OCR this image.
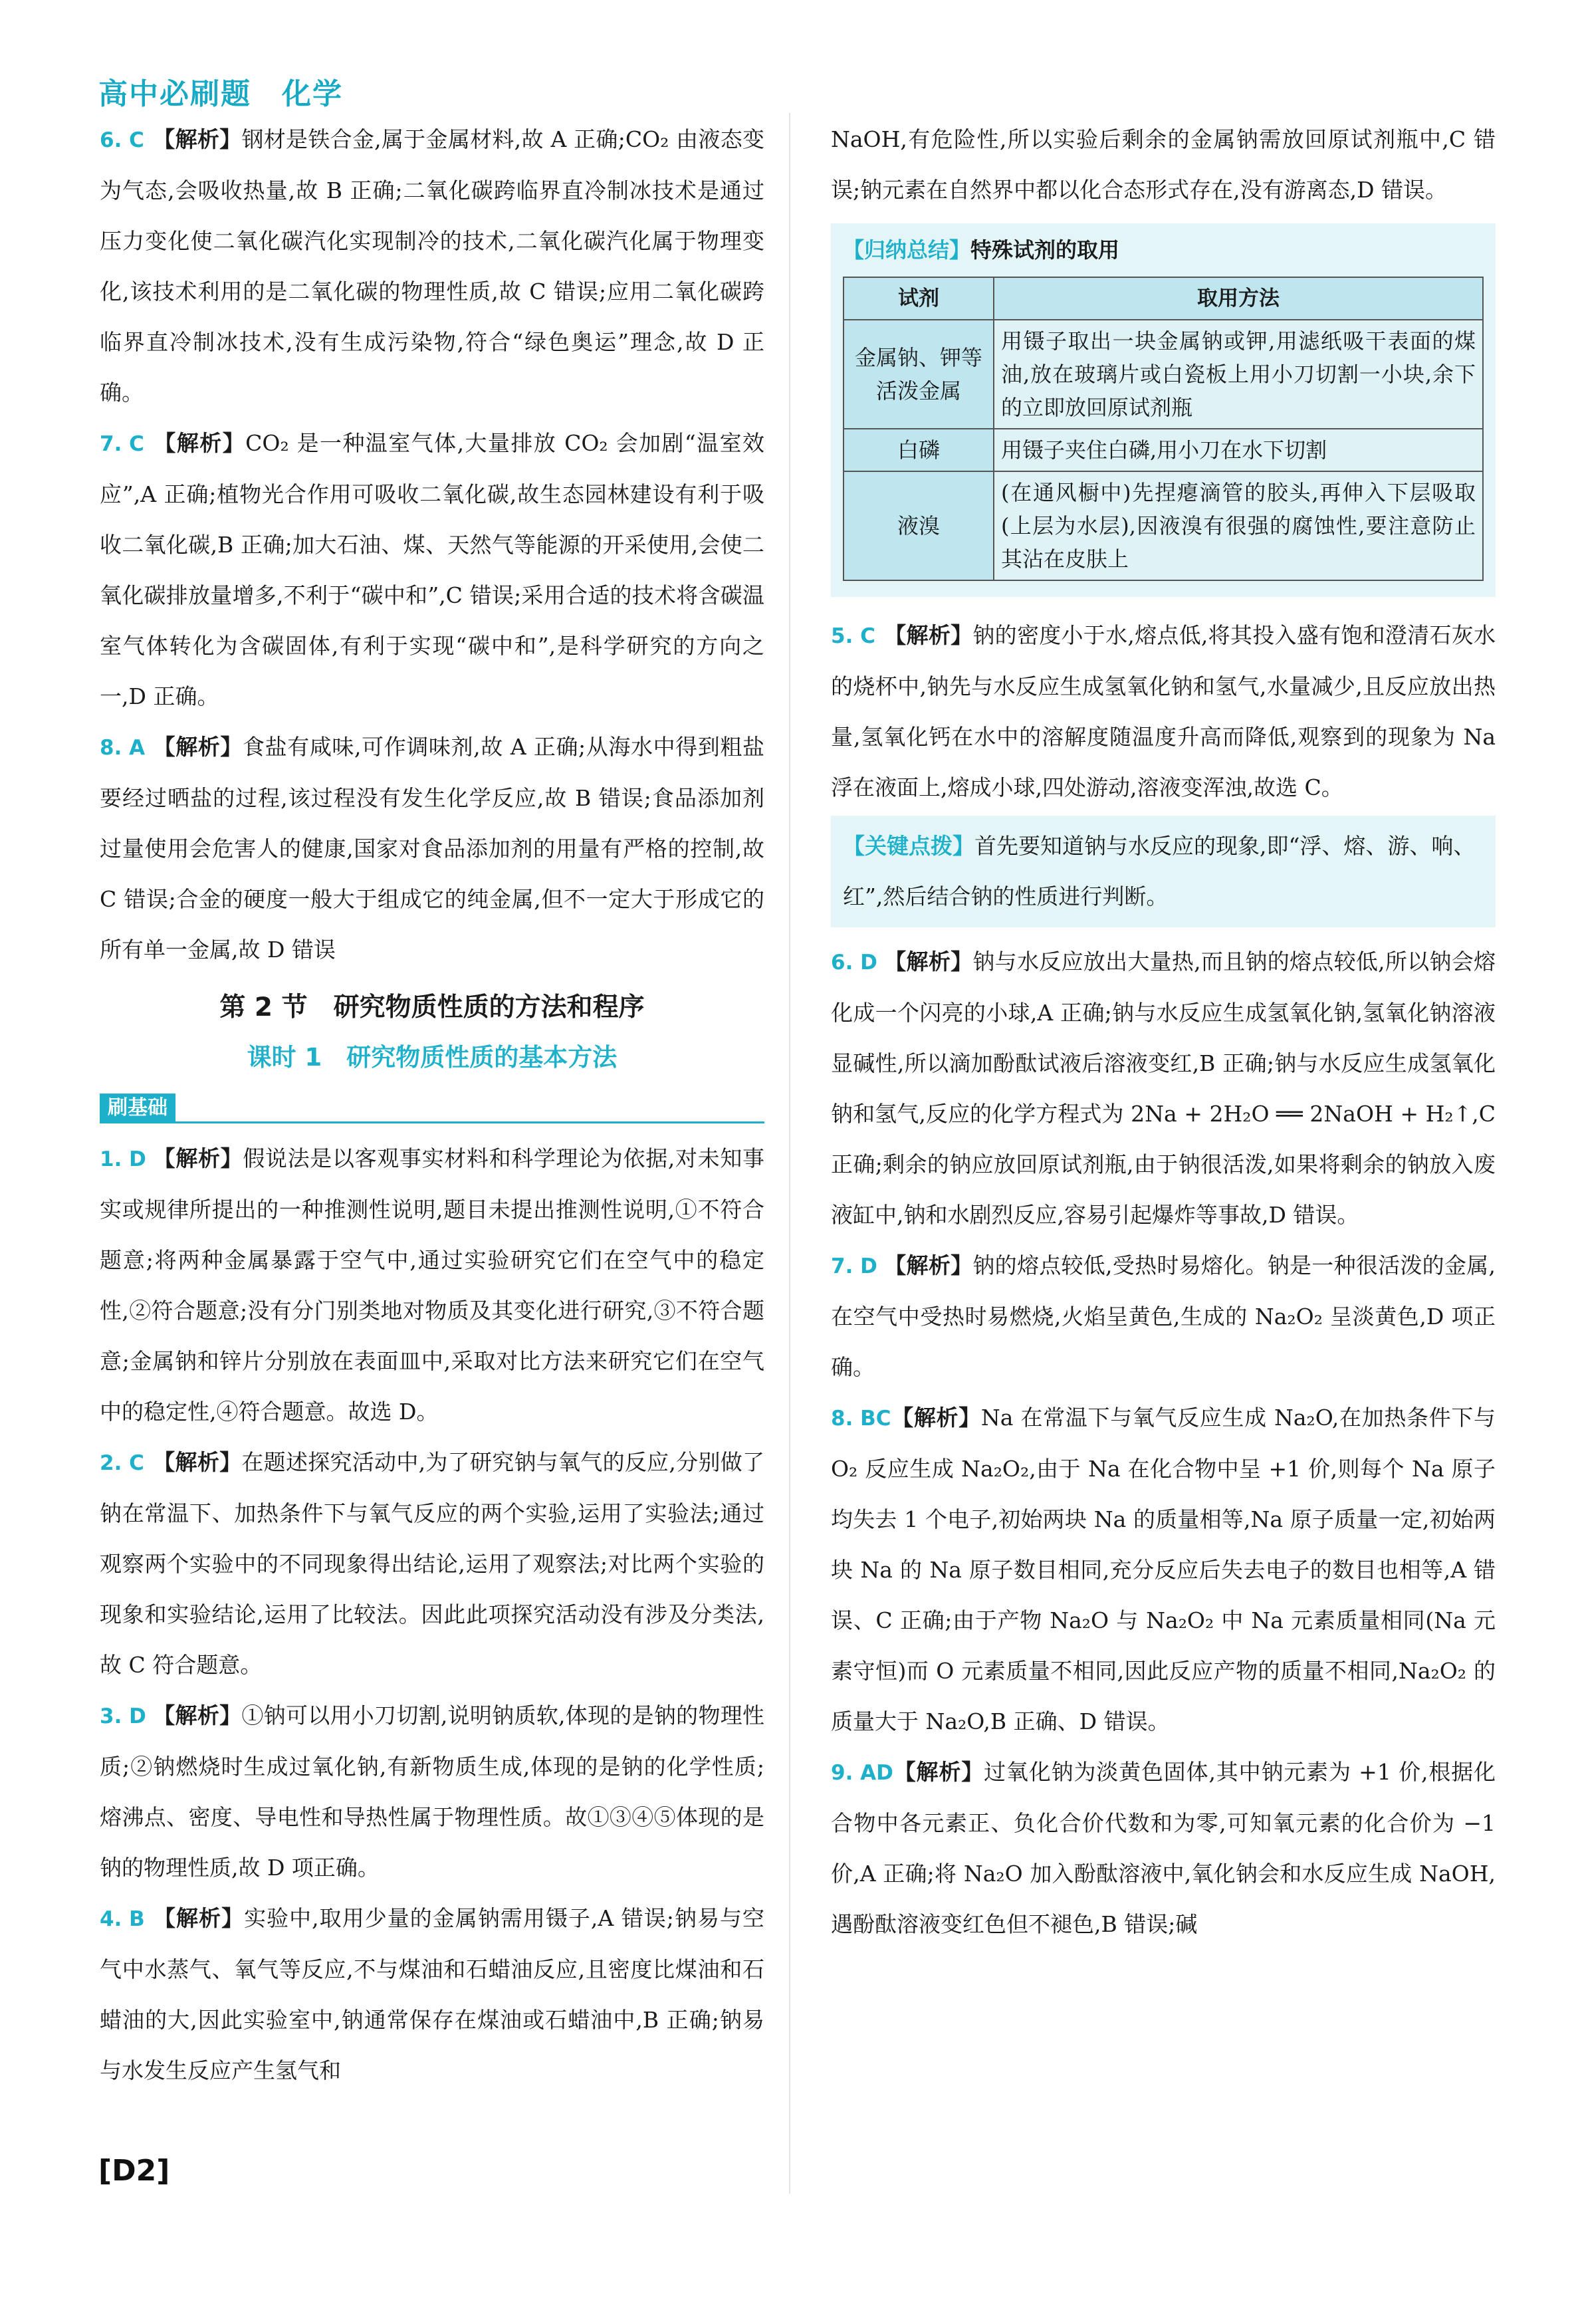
高中必刷题　化学
6. C 【解析】钢材是铁合金,属于金属材料,故 A 正确;CO₂ 由液态变为气态,会吸收热量,故 B 正确;二氧化碳跨临界直冷制冰技术是通过压力变化使二氧化碳汽化实现制冷的技术,二氧化碳汽化属于物理变化,该技术利用的是二氧化碳的物理性质,故 C 错误;应用二氧化碳跨临界直冷制冰技术,没有生成污染物,符合“绿色奥运”理念,故 D 正确。
7. C 【解析】CO₂ 是一种温室气体,大量排放 CO₂ 会加剧“温室效应”,A 正确;植物光合作用可吸收二氧化碳,故生态园林建设有利于吸收二氧化碳,B 正确;加大石油、煤、天然气等能源的开采使用,会使二氧化碳排放量增多,不利于“碳中和”,C 错误;采用合适的技术将含碳温室气体转化为含碳固体,有利于实现“碳中和”,是科学研究的方向之一,D 正确。
8. A 【解析】食盐有咸味,可作调味剂,故 A 正确;从海水中得到粗盐要经过晒盐的过程,该过程没有发生化学反应,故 B 错误;食品添加剂过量使用会危害人的健康,国家对食品添加剂的用量有严格的控制,故 C 错误;合金的硬度一般大于组成它的纯金属,但不一定大于形成它的所有单一金属,故 D 错误
第 2 节　研究物质性质的方法和程序
课时 1　研究物质性质的基本方法
刷基础
1. D 【解析】假说法是以客观事实材料和科学理论为依据,对未知事实或规律所提出的一种推测性说明,题目未提出推测性说明,①不符合题意;将两种金属暴露于空气中,通过实验研究它们在空气中的稳定性,②符合题意;没有分门别类地对物质及其变化进行研究,③不符合题意;金属钠和锌片分别放在表面皿中,采取对比方法来研究它们在空气中的稳定性,④符合题意。故选 D。
2. C 【解析】在题述探究活动中,为了研究钠与氧气的反应,分别做了钠在常温下、加热条件下与氧气反应的两个实验,运用了实验法;通过观察两个实验中的不同现象得出结论,运用了观察法;对比两个实验的现象和实验结论,运用了比较法。因此此项探究活动没有涉及分类法,故 C 符合题意。
3. D 【解析】①钠可以用小刀切割,说明钠质软,体现的是钠的物理性质;②钠燃烧时生成过氧化钠,有新物质生成,体现的是钠的化学性质;熔沸点、密度、导电性和导热性属于物理性质。故①③④⑤体现的是钠的物理性质,故 D 项正确。
4. B 【解析】实验中,取用少量的金属钠需用镊子,A 错误;钠易与空气中水蒸气、氧气等反应,不与煤油和石蜡油反应,且密度比煤油和石蜡油的大,因此实验室中,钠通常保存在煤油或石蜡油中,B 正确;钠易与水发生反应产生氢气和
NaOH,有危险性,所以实验后剩余的金属钠需放回原试剂瓶中,C 错误;钠元素在自然界中都以化合态形式存在,没有游离态,D 错误。
【归纳总结】特殊试剂的取用
试剂	取用方法
金属钠、钾等活泼金属	用镊子取出一块金属钠或钾,用滤纸吸干表面的煤油,放在玻璃片或白瓷板上用小刀切割一小块,余下的立即放回原试剂瓶
白磷	用镊子夹住白磷,用小刀在水下切割
液溴	(在通风橱中)先捏瘪滴管的胶头,再伸入下层吸取(上层为水层),因液溴有很强的腐蚀性,要注意防止其沾在皮肤上
5. C 【解析】钠的密度小于水,熔点低,将其投入盛有饱和澄清石灰水的烧杯中,钠先与水反应生成氢氧化钠和氢气,水量减少,且反应放出热量,氢氧化钙在水中的溶解度随温度升高而降低,观察到的现象为 Na 浮在液面上,熔成小球,四处游动,溶液变浑浊,故选 C。
【关键点拨】首先要知道钠与水反应的现象,即“浮、熔、游、响、红”,然后结合钠的性质进行判断。
6. D 【解析】钠与水反应放出大量热,而且钠的熔点较低,所以钠会熔化成一个闪亮的小球,A 正确;钠与水反应生成氢氧化钠,氢氧化钠溶液显碱性,所以滴加酚酞试液后溶液变红,B 正确;钠与水反应生成氢氧化钠和氢气,反应的化学方程式为 2Na + 2H₂O ══ 2NaOH + H₂↑,C 正确;剩余的钠应放回原试剂瓶,由于钠很活泼,如果将剩余的钠放入废液缸中,钠和水剧烈反应,容易引起爆炸等事故,D 错误。
7. D 【解析】钠的熔点较低,受热时易熔化。钠是一种很活泼的金属,在空气中受热时易燃烧,火焰呈黄色,生成的 Na₂O₂ 呈淡黄色,D 项正确。
8. BC【解析】Na 在常温下与氧气反应生成 Na₂O,在加热条件下与 O₂ 反应生成 Na₂O₂,由于 Na 在化合物中呈 +1 价,则每个 Na 原子均失去 1 个电子,初始两块 Na 的质量相等,Na 原子质量一定,初始两块 Na 的 Na 原子数目相同,充分反应后失去电子的数目也相等,A 错误、C 正确;由于产物 Na₂O 与 Na₂O₂ 中 Na 元素质量相同(Na 元素守恒)而 O 元素质量不相同,因此反应产物的质量不相同,Na₂O₂ 的质量大于 Na₂O,B 正确、D 错误。
9. AD【解析】过氧化钠为淡黄色固体,其中钠元素为 +1 价,根据化合物中各元素正、负化合价代数和为零,可知氧元素的化合价为 −1 价,A 正确;将 Na₂O 加入酚酞溶液中,氧化钠会和水反应生成 NaOH,遇酚酞溶液变红色但不褪色,B 错误;碱
[D2]
